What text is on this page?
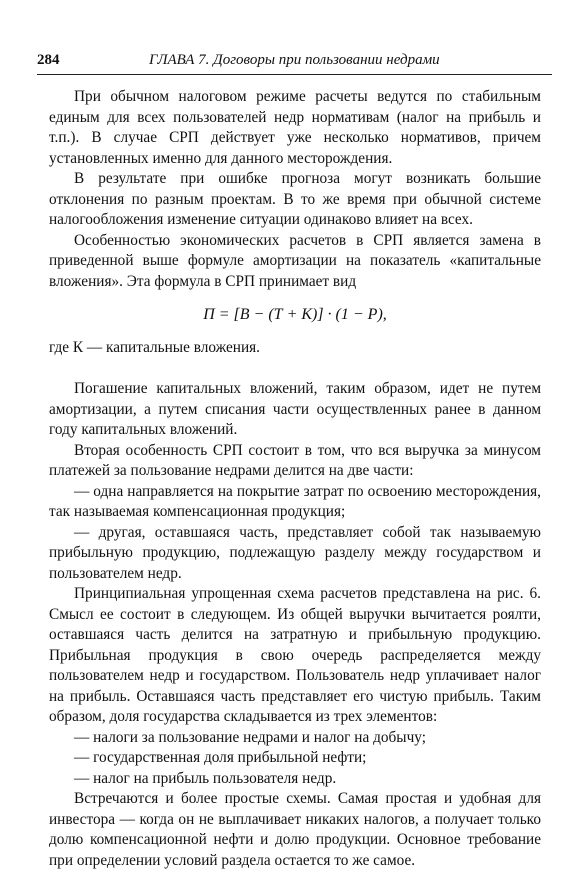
284	ГЛАВА 7. Договоры при пользовании недрами

При обычном налоговом режиме расчеты ведутся по стабильным единым для всех пользователей недр нормативам (налог на прибыль и т.п.). В случае СРП действует уже несколько нормативов, причем установленных именно для данного месторождения.

В результате при ошибке прогноза могут возникать большие отклонения по разным проектам. В то же время при обычной системе налогообложения изменение ситуации одинаково влияет на всех.

Особенностью экономических расчетов в СРП является замена в приведенной выше формуле амортизации на показатель «капитальные вложения». Эта формула в СРП принимает вид

П = [В − (Т + К)] · (1 − Р),

где К — капитальные вложения.

Погашение капитальных вложений, таким образом, идет не путем амортизации, а путем списания части осуществленных ранее в данном году капитальных вложений.

Вторая особенность СРП состоит в том, что вся выручка за минусом платежей за пользование недрами делится на две части:

— одна направляется на покрытие затрат по освоению месторождения, так называемая компенсационная продукция;

— другая, оставшаяся часть, представляет собой так называемую прибыльную продукцию, подлежащую разделу между государством и пользователем недр.

Принципиальная упрощенная схема расчетов представлена на рис. 6. Смысл ее состоит в следующем. Из общей выручки вычитается роялти, оставшаяся часть делится на затратную и прибыльную продукцию. Прибыльная продукция в свою очередь распределяется между пользователем недр и государством. Пользователь недр уплачивает налог на прибыль. Оставшаяся часть представляет его чистую прибыль. Таким образом, доля государства складывается из трех элементов:

— налоги за пользование недрами и налог на добычу;

— государственная доля прибыльной нефти;

— налог на прибыль пользователя недр.

Встречаются и более простые схемы. Самая простая и удобная для инвестора — когда он не выплачивает никаких налогов, а получает только долю компенсационной нефти и долю продукции. Основное требование при определении условий раздела остается то же самое.
